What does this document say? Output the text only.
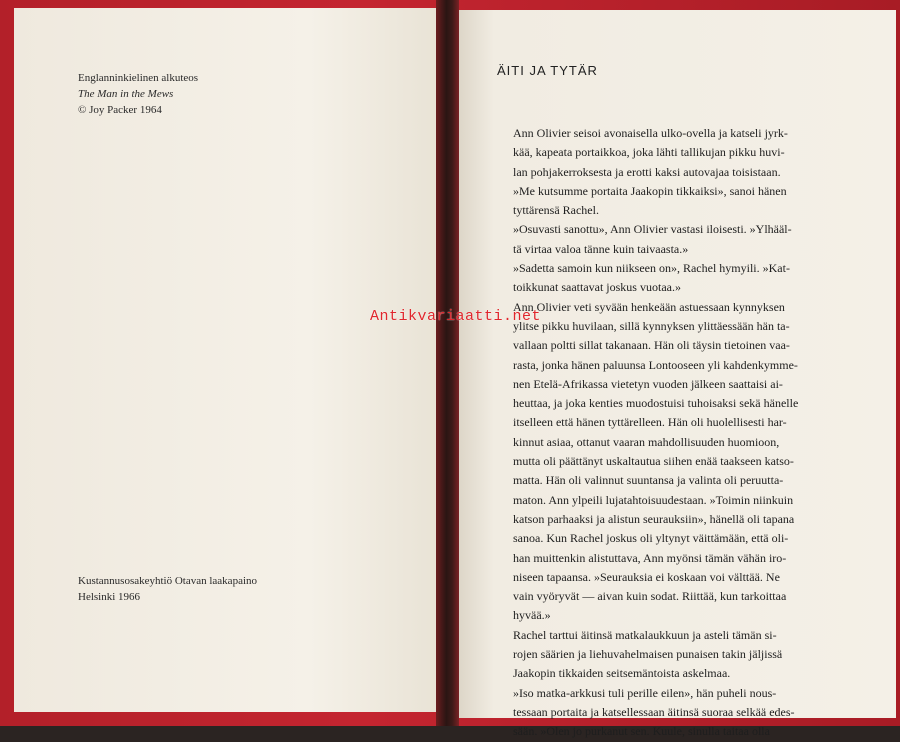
Englanninkielinen alkuteos
The Man in the Mews
© Joy Packer 1964
Kustannusosakeyhtiö Otavan laakapaino
Helsinki 1966
ÄITI JA TYTÄR
Ann Olivier seisoi avonaisella ulko-ovella ja katseli jyrk-
kää, kapeata portaikkoa, joka lähti tallikujan pikku huvi-
lan pohjakerroksesta ja erotti kaksi autovajaa toisistaan.
»Me kutsumme portaita Jaakopin tikkaiksi», sanoi hänen
tyttärensä Rachel.
»Osuvasti sanottu», Ann Olivier vastasi iloisesti. »Ylhääl-
tä virtaa valoa tänne kuin taivaasta.»
»Sadetta samoin kun niikseen on», Rachel hymyili. »Kat-
toikkunat saattavat joskus vuotaa.»
Ann Olivier veti syvään henkeään astuessaan kynnyksen
ylitse pikku huvilaan, sillä kynnyksen ylittäessään hän ta-
vallaan poltti sillat takanaan. Hän oli täysin tietoinen vaa-
rasta, jonka hänen paluunsa Lontooseen yli kahdenkymme-
nen Etelä-Afrikassa vietetyn vuoden jälkeen saattaisi ai-
heuttaa, ja joka kenties muodostuisi tuhoisaksi sekä hänelle
itselleen että hänen tyttärelleen. Hän oli huolellisesti har-
kinnut asiaa, ottanut vaaran mahdollisuuden huomioon,
mutta oli päättänyt uskaltautua siihen enää taakseen katso-
matta. Hän oli valinnut suuntansa ja valinta oli peruutta-
maton. Ann ylpeili lujatahtoisuudestaan. »Toimin niinkuin
katson parhaaksi ja alistun seurauksiin», hänellä oli tapana
sanoa. Kun Rachel joskus oli yltynyt väittämään, että oli-
han muittenkin alistuttava, Ann myönsi tämän vähän iro-
niseen tapaansa. »Seurauksia ei koskaan voi välttää. Ne
vain vyöryvät — aivan kuin sodat. Riittää, kun tarkoittaa
hyvää.»
Rachel tarttui äitinsä matkalaukkuun ja asteli tämän si-
rojen säärien ja liehuvahelmaisen punaisen takin jäljissä
Jaakopin tikkaiden seitsemäntoista askelmaa.
»Iso matka-arkkusi tuli perille eilen», hän puheli nous-
tessaan portaita ja katsellessaan äitinsä suoraa selkää edes-
sään. »Olen jo purkanut sen. Kuule, sinulla taitaa olla
Antikvariaatti.net
